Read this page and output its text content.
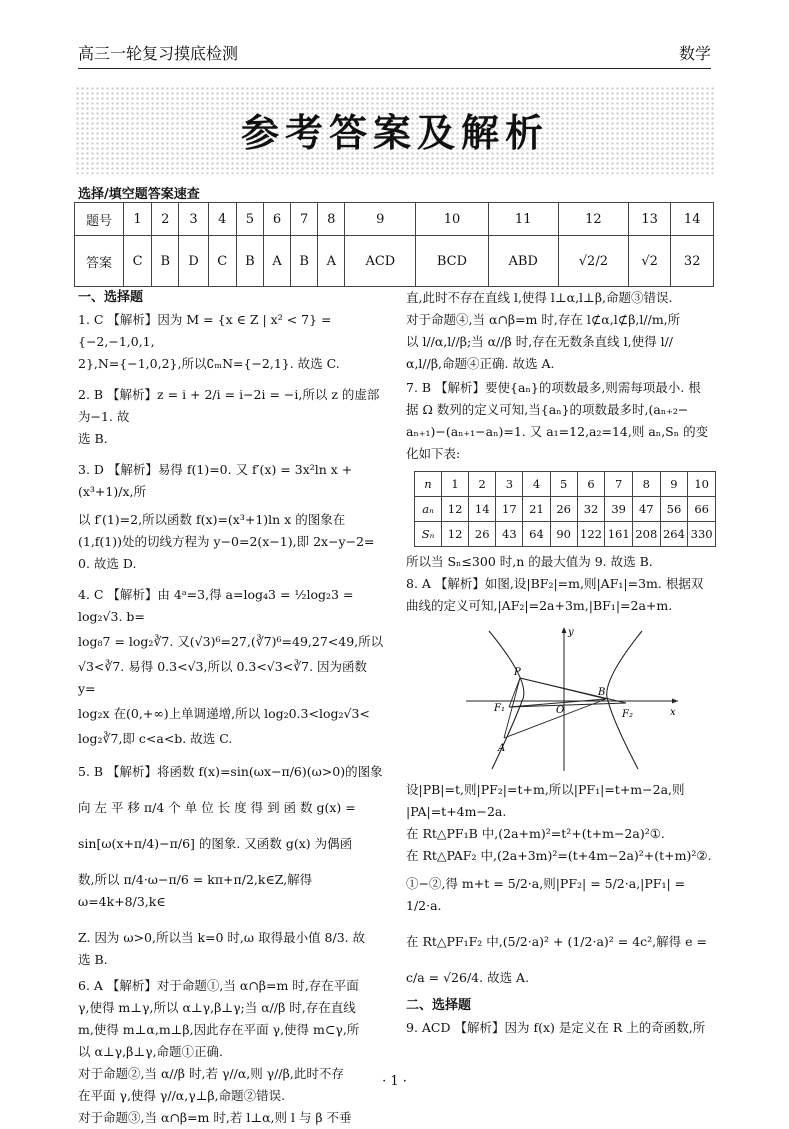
高三一轮复习摸底检测	数学
参考答案及解析
选择/填空题答案速查
题号	1	2	3	4	5	6	7	8	9	10	11	12	13	14
答案	C	B	D	C	B	A	B	A	ACD	BCD	ABD	√2/2	√2	32
一、选择题
1. C 【解析】因为 M = {x ∈ Z | x² < 7} = {−2,−1,0,1,
2},N={−1,0,2},所以∁ₘN={−2,1}. 故选 C.
2. B 【解析】z = i + 2/i = i−2i = −i,所以 z 的虚部为−1. 故
选 B.
3. D 【解析】易得 f(1)=0. 又 f′(x) = 3x²ln x + (x³+1)/x,所
以 f′(1)=2,所以函数 f(x)=(x³+1)ln x 的图象在
(1,f(1))处的切线方程为 y−0=2(x−1),即 2x−y−2=
0. 故选 D.
4. C 【解析】由 4ᵃ=3,得 a=log₄3 = ½log₂3 = log₂√3. b=
log₈7 = log₂∛7. 又(√3)⁶=27,(∛7)⁶=49,27<49,所以
√3<∛7. 易得 0.3<√3,所以 0.3<√3<∛7. 因为函数 y=
log₂x 在(0,+∞)上单调递增,所以 log₂0.3<log₂√3<
log₂∛7,即 c<a<b. 故选 C.
5. B 【解析】将函数 f(x)=sin(ωx−π/6)(ω>0)的图象
向 左 平 移 π/4 个 单 位 长 度 得 到 函 数 g(x) =
sin[ω(x+π/4)−π/6] 的图象. 又函数 g(x) 为偶函
数,所以 π/4·ω−π/6 = kπ+π/2,k∈Z,解得 ω=4k+8/3,k∈
Z. 因为 ω>0,所以当 k=0 时,ω 取得最小值 8/3. 故
选 B.
6. A 【解析】对于命题①,当 α∩β=m 时,存在平面
γ,使得 m⊥γ,所以 α⊥γ,β⊥γ;当 α//β 时,存在直线
m,使得 m⊥α,m⊥β,因此存在平面 γ,使得 m⊂γ,所
以 α⊥γ,β⊥γ,命题①正确.
对于命题②,当 α//β 时,若 γ//α,则 γ//β,此时不存
在平面 γ,使得 γ//α,γ⊥β,命题②错误.
对于命题③,当 α∩β=m 时,若 l⊥α,则 l 与 β 不垂
直,此时不存在直线 l,使得 l⊥α,l⊥β,命题③错误.
对于命题④,当 α∩β=m 时,存在 l⊄α,l⊄β,l//m,所
以 l//α,l//β;当 α//β 时,存在无数条直线 l,使得 l//
α,l//β,命题④正确. 故选 A.
7. B 【解析】要使{aₙ}的项数最多,则需每项最小. 根
据 Ω 数列的定义可知,当{aₙ}的项数最多时,(aₙ₊₂−
aₙ₊₁)−(aₙ₊₁−aₙ)=1. 又 a₁=12,a₂=14,则 aₙ,Sₙ 的变
化如下表:
n	1	2	3	4	5	6	7	8	9	10
aₙ	12	14	17	21	26	32	39	47	56	66
Sₙ	12	26	43	64	90	122	161	208	264	330
所以当 Sₙ≤300 时,n 的最大值为 9. 故选 B.
8. A 【解析】如图,设|BF₂|=m,则|AF₁|=3m. 根据双
曲线的定义可知,|AF₂|=2a+3m,|BF₁|=2a+m.
y
x
P
B
O
F₁
F₂
A
设|PB|=t,则|PF₂|=t+m,所以|PF₁|=t+m−2a,则
|PA|=t+4m−2a.
在 Rt△PF₁B 中,(2a+m)²=t²+(t+m−2a)²①.
在 Rt△PAF₂ 中,(2a+3m)²=(t+4m−2a)²+(t+m)²②.
①−②,得 m+t = 5/2·a,则|PF₂| = 5/2·a,|PF₁| = 1/2·a.
在 Rt△PF₁F₂ 中,(5/2·a)² + (1/2·a)² = 4c²,解得 e =
c/a = √26/4. 故选 A.
二、选择题
9. ACD 【解析】因为 f(x) 是定义在 R 上的奇函数,所
· 1 ·
